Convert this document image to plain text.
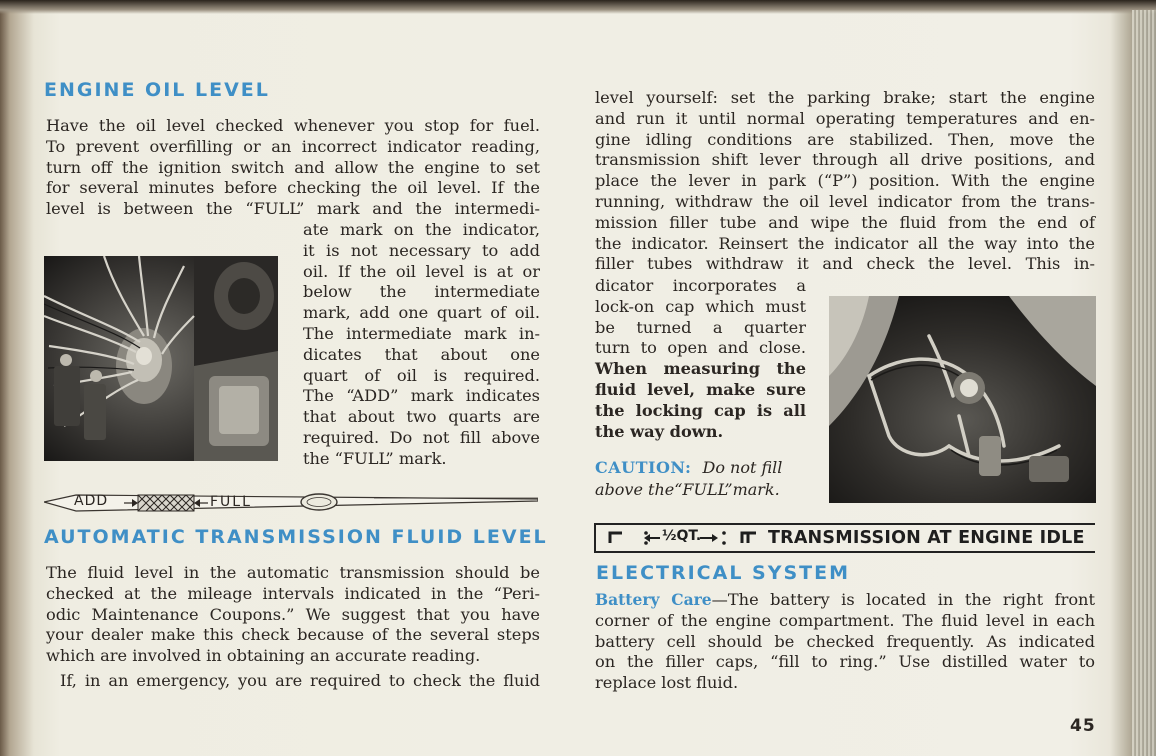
ENGINE OIL LEVEL
Have the oil level checked whenever you stop for fuel.
To prevent overfilling or an incorrect indicator reading,
turn off the ignition switch and allow the engine to set
for several minutes before checking the oil level. If the
level is between the “FULL” mark and the intermedi-
ate mark on the indicator,
it is not necessary to add
oil. If the oil level is at or
below the intermediate
mark, add one quart of oil.
The intermediate mark in-
dicates that about one
quart of oil is required.
The “ADD” mark indicates
that about two quarts are
required. Do not fill above
the “FULL” mark.
ADD	FULL
AUTOMATIC TRANSMISSION FLUID LEVEL
The fluid level in the automatic transmission should be
checked at the mileage intervals indicated in the “Peri-
odic Maintenance Coupons.” We suggest that you have
your dealer make this check because of the several steps
which are involved in obtaining an accurate reading.
If, in an emergency, you are required to check the fluid
level yourself: set the parking brake; start the engine
and run it until normal operating temperatures and en-
gine idling conditions are stabilized. Then, move the
transmission shift lever through all drive positions, and
place the lever in park (“P”) position. With the engine
running, withdraw the oil level indicator from the trans-
mission filler tube and wipe the fluid from the end of
the indicator. Reinsert the indicator all the way into the
filler tubes withdraw it and check the level. This in-
dicator incorporates a
lock-on cap which must
be turned a quarter
turn to open and close.
When measuring the
fluid level, make sure
the locking cap is all
the way down.
CAUTION: Do not fill
above the“FULL”mark.
½QT.	TRANSMISSION AT ENGINE IDLE
ELECTRICAL SYSTEM
Battery Care—The battery is located in the right front
corner of the engine compartment. The fluid level in each
battery cell should be checked frequently. As indicated
on the filler caps, “fill to ring.” Use distilled water to
replace lost fluid.
45
